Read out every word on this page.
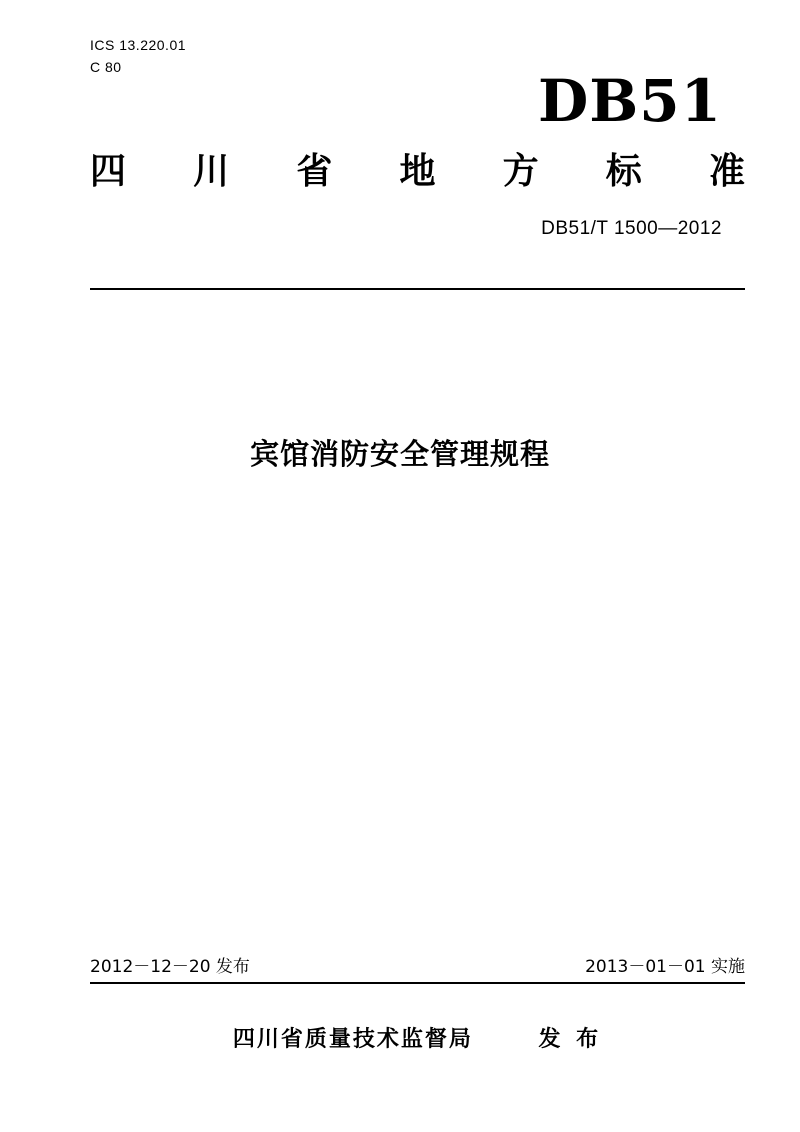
ICS 13.220.01
C 80	DB51
四 川 省 地 方 标 准
DB51/T 1500—2012
宾馆消防安全管理规程
2012－12－20 发布	2013－01－01 实施
四川省质量技术监督局	发 布
